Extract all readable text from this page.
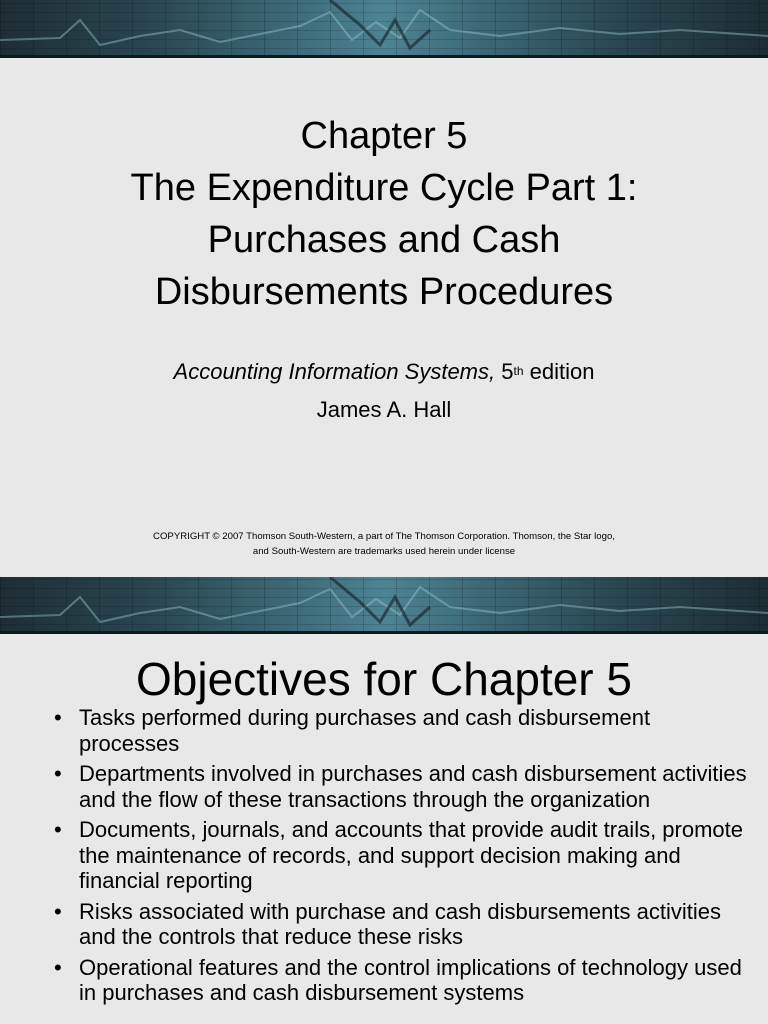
Chapter 5
The Expenditure Cycle Part 1:
Purchases and Cash
Disbursements Procedures
Accounting Information Systems, 5th edition
James A. Hall
COPYRIGHT © 2007 Thomson South-Western, a part of The Thomson Corporation. Thomson, the Star logo,
and South-Western are trademarks used herein under license
Objectives for Chapter 5
• Tasks performed during purchases and cash disbursement processes
• Departments involved in purchases and cash disbursement activities and the flow of these transactions through the organization
• Documents, journals, and accounts that provide audit trails, promote the maintenance of records, and support decision making and financial reporting
• Risks associated with purchase and cash disbursements activities and the controls that reduce these risks
• Operational features and the control implications of technology used in purchases and cash disbursement systems
